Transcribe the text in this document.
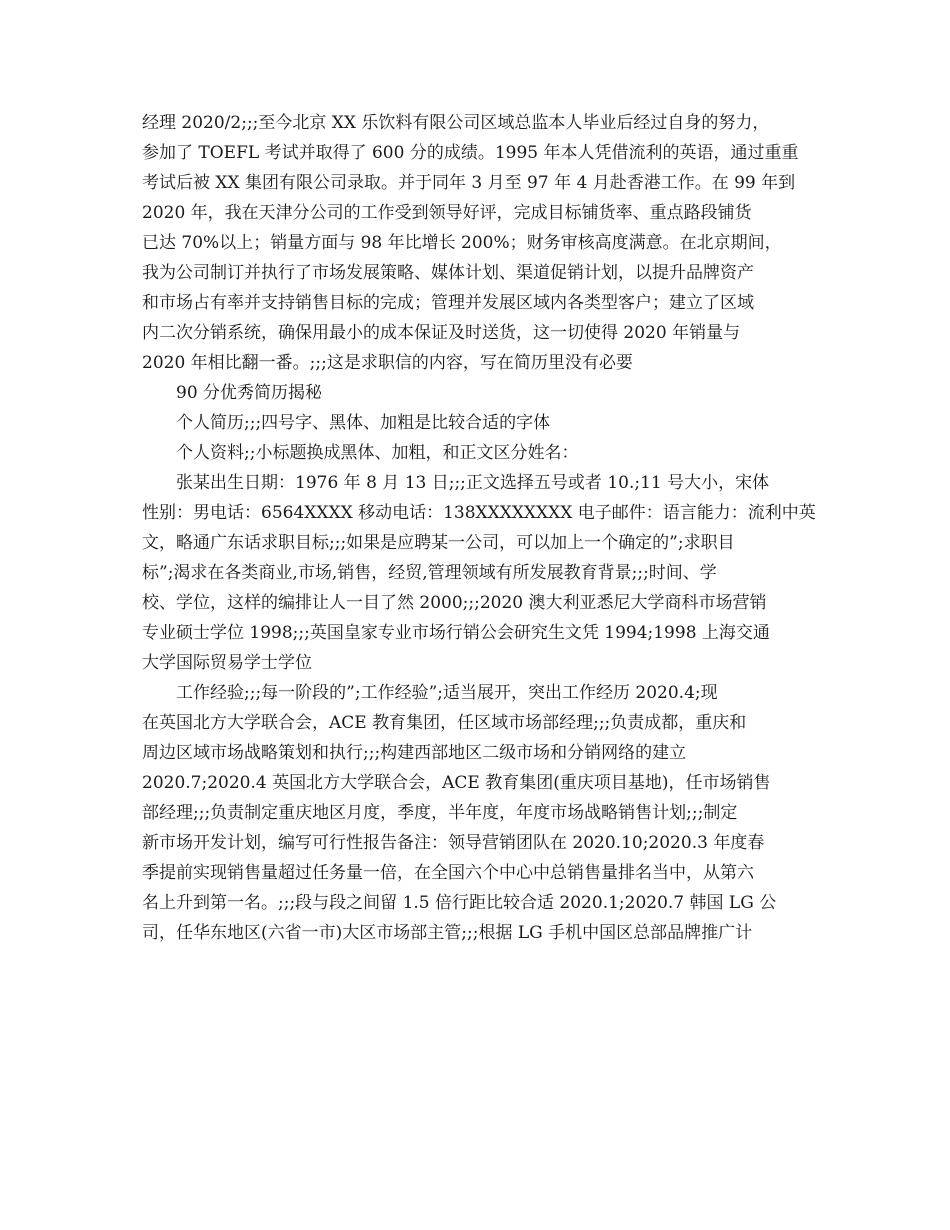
经理 2020/2;;;至今北京 XX 乐饮料有限公司区域总监本人毕业后经过自身的努力，
参加了 TOEFL 考试并取得了 600 分的成绩。1995 年本人凭借流利的英语，通过重重
考试后被 XX 集团有限公司录取。并于同年 3 月至 97 年 4 月赴香港工作。在 99 年到
2020 年，我在天津分公司的工作受到领导好评，完成目标铺货率、重点路段铺货
已达 70%以上；销量方面与 98 年比增长 200%；财务审核高度满意。在北京期间，
我为公司制订并执行了市场发展策略、媒体计划、渠道促销计划，以提升品牌资产
和市场占有率并支持销售目标的完成；管理并发展区域内各类型客户；建立了区域
内二次分销系统，确保用最小的成本保证及时送货，这一切使得 2020 年销量与
2020 年相比翻一番。;;;这是求职信的内容，写在简历里没有必要
90 分优秀简历揭秘
个人简历;;;四号字、黑体、加粗是比较合适的字体
个人资料;;小标题换成黑体、加粗，和正文区分姓名：
张某出生日期：1976 年 8 月 13 日;;;正文选择五号或者 10.;11 号大小，宋体
性别：男电话：6564XXXX 移动电话：138XXXXXXXX 电子邮件：语言能力：流利中英
文，略通广东话求职目标;;;如果是应聘某一公司，可以加上一个确定的”;求职目
标”;渴求在各类商业,市场,销售，经贸,管理领域有所发展教育背景;;;时间、学
校、学位，这样的编排让人一目了然 2000;;;2020 澳大利亚悉尼大学商科市场营销
专业硕士学位 1998;;;英国皇家专业市场行销公会研究生文凭 1994;1998 上海交通
大学国际贸易学士学位
工作经验;;;每一阶段的”;工作经验”;适当展开，突出工作经历 2020.4;现
在英国北方大学联合会，ACE 教育集团，任区域市场部经理;;;负责成都，重庆和
周边区域市场战略策划和执行;;;构建西部地区二级市场和分销网络的建立
2020.7;2020.4 英国北方大学联合会，ACE 教育集团(重庆项目基地)，任市场销售
部经理;;;负责制定重庆地区月度，季度，半年度，年度市场战略销售计划;;;制定
新市场开发计划，编写可行性报告备注：领导营销团队在 2020.10;2020.3 年度春
季提前实现销售量超过任务量一倍，在全国六个中心中总销售量排名当中，从第六
名上升到第一名。;;;段与段之间留 1.5 倍行距比较合适 2020.1;2020.7 韩国 LG 公
司，任华东地区(六省一市)大区市场部主管;;;根据 LG 手机中国区总部品牌推广计
